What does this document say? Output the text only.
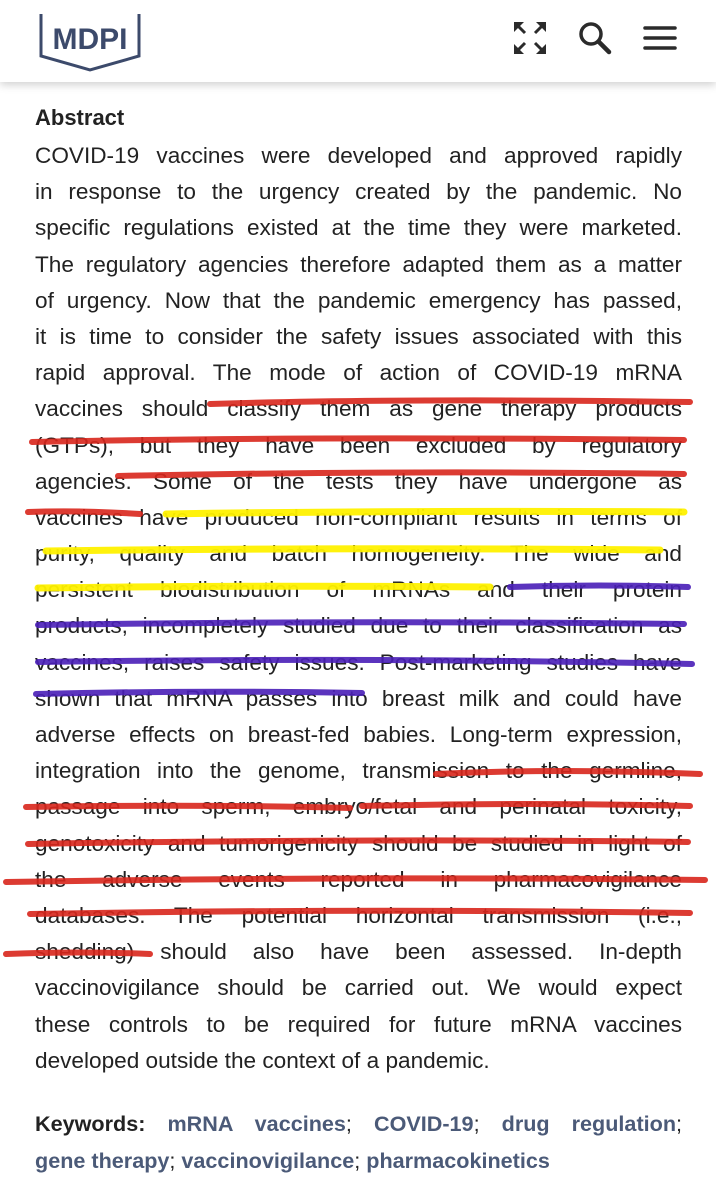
MDPI
Abstract
COVID-19 vaccines were developed and approved rapidly
in response to the urgency created by the pandemic. No
specific regulations existed at the time they were marketed.
The regulatory agencies therefore adapted them as a matter
of urgency. Now that the pandemic emergency has passed,
it is time to consider the safety issues associated with this
rapid approval. The mode of action of COVID-19 mRNA
vaccines should classify them as gene therapy products
(GTPs), but they have been excluded by regulatory
agencies. Some of the tests they have undergone as
vaccines have produced non-compliant results in terms of
purity, quality and batch homogeneity. The wide and
persistent biodistribution of mRNAs and their protein
products, incompletely studied due to their classification as
vaccines, raises safety issues. Post-marketing studies have
shown that mRNA passes into breast milk and could have
adverse effects on breast-fed babies. Long-term expression,
integration into the genome, transmission to the germline,
passage into sperm, embryo/fetal and perinatal toxicity,
genotoxicity and tumorigenicity should be studied in light of
the adverse events reported in pharmacovigilance
databases. The potential horizontal transmission (i.e.,
shedding) should also have been assessed. In-depth
vaccinovigilance should be carried out. We would expect
these controls to be required for future mRNA vaccines
developed outside the context of a pandemic.
Keywords: mRNA vaccines; COVID-19; drug regulation;
gene therapy; vaccinovigilance; pharmacokinetics
